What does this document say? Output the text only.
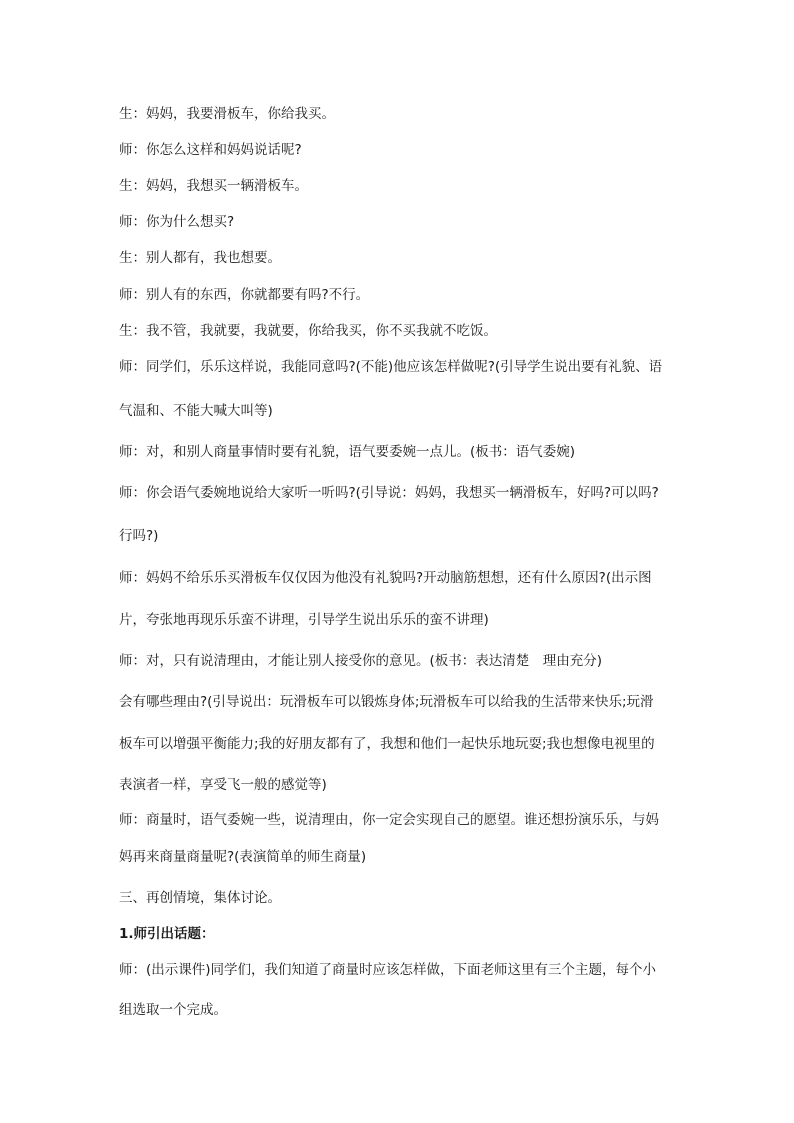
生：妈妈，我要滑板车，你给我买。
师：你怎么这样和妈妈说话呢?
生：妈妈，我想买一辆滑板车。
师：你为什么想买?
生：别人都有，我也想要。
师：别人有的东西，你就都要有吗?不行。
生：我不管，我就要，我就要，你给我买，你不买我就不吃饭。
师：同学们，乐乐这样说，我能同意吗?(不能)他应该怎样做呢?(引导学生说出要有礼貌、语
气温和、不能大喊大叫等)
师：对，和别人商量事情时要有礼貌，语气要委婉一点儿。(板书：语气委婉)
师：你会语气委婉地说给大家听一听吗?(引导说：妈妈，我想买一辆滑板车，好吗?可以吗?
行吗?)
师：妈妈不给乐乐买滑板车仅仅因为他没有礼貌吗?开动脑筋想想，还有什么原因?(出示图
片，夸张地再现乐乐蛮不讲理，引导学生说出乐乐的蛮不讲理)
师：对，只有说清理由，才能让别人接受你的意见。(板书：表达清楚　理由充分)
会有哪些理由?(引导说出：玩滑板车可以锻炼身体;玩滑板车可以给我的生活带来快乐;玩滑
板车可以增强平衡能力;我的好朋友都有了，我想和他们一起快乐地玩耍;我也想像电视里的
表演者一样，享受飞一般的感觉等)
师：商量时，语气委婉一些，说清理由，你一定会实现自己的愿望。谁还想扮演乐乐，与妈
妈再来商量商量呢?(表演简单的师生商量)
三、再创情境，集体讨论。
1.师引出话题：
师：(出示课件)同学们，我们知道了商量时应该怎样做，下面老师这里有三个主题，每个小
组选取一个完成。
